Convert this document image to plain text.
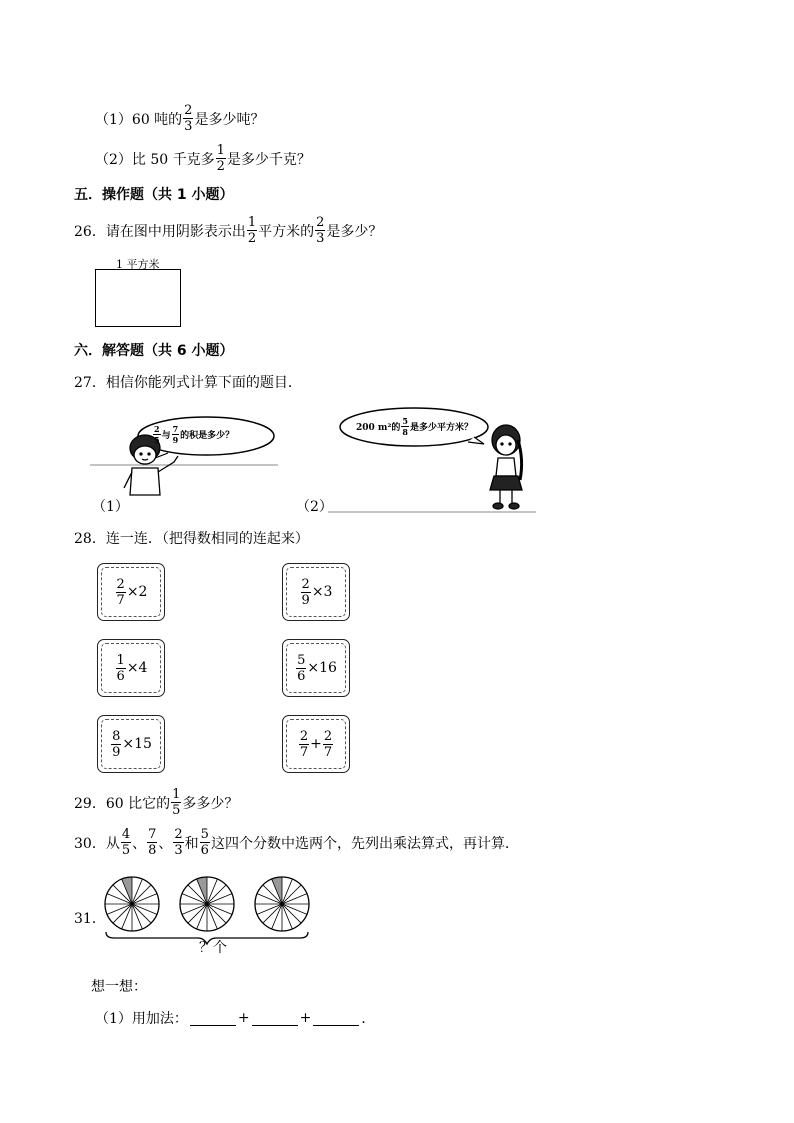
（1）60 吨的 $\frac{2}{3}$ 是多少吨？
（2）比 50 千克多 $\frac{1}{2}$ 是多少千克？
五．操作题（共 1 小题）
26． 请在图中用阴影表示出 $\frac{1}{2}$ 平方米的 $\frac{2}{3}$ 是多少？
1 平方米
六．解答题（共 6 小题）
27． 相信你能列式计算下面的题目．
$\frac{2}{5}$ 与 $\frac{7}{9}$ 的积是多少？
200 m²的 $\frac{5}{8}$ 是多少平方米？
（1）	（2）
28． 连一连．（把得数相同的连起来）
$\frac{2}{7} \times 2$
$\frac{1}{6} \times 4$
$\frac{8}{9} \times 15$
$\frac{2}{9} \times 3$
$\frac{5}{6} \times 16$
$\frac{2}{7} + \frac{2}{7}$
29． 60 比它的 $\frac{1}{5}$ 多多少？
30． 从 $\frac{4}{5}$ 、 $\frac{7}{8}$ 、 $\frac{2}{3}$ 和 $\frac{5}{6}$ 这四个分数中选两个，先列出乘法算式，再计算．
31．
？个
想一想：
（1）用加法：	+	+	．
